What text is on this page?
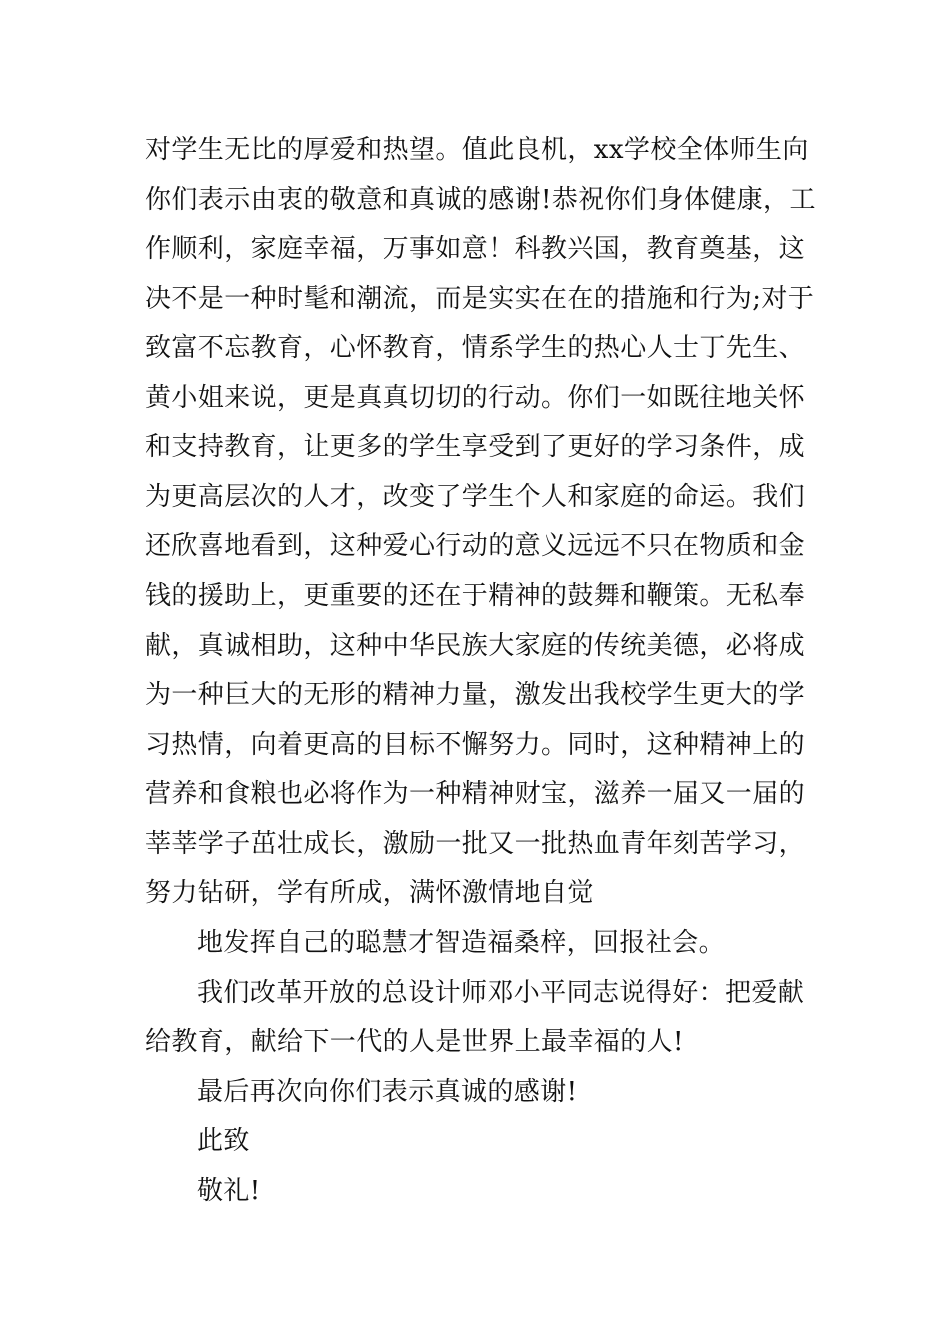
对学生无比的厚爱和热望。值此良机，xx学校全体师生向
你们表示由衷的敬意和真诚的感谢!恭祝你们身体健康，工
作顺利，家庭幸福，万事如意！科教兴国，教育奠基，这
决不是一种时髦和潮流，而是实实在在的措施和行为;对于
致富不忘教育，心怀教育，情系学生的热心人士丁先生、
黄小姐来说，更是真真切切的行动。你们一如既往地关怀
和支持教育，让更多的学生享受到了更好的学习条件，成
为更高层次的人才，改变了学生个人和家庭的命运。我们
还欣喜地看到，这种爱心行动的意义远远不只在物质和金
钱的援助上，更重要的还在于精神的鼓舞和鞭策。无私奉
献，真诚相助，这种中华民族大家庭的传统美德，必将成
为一种巨大的无形的精神力量，激发出我校学生更大的学
习热情，向着更高的目标不懈努力。同时，这种精神上的
营养和食粮也必将作为一种精神财宝，滋养一届又一届的
莘莘学子茁壮成长，激励一批又一批热血青年刻苦学习，
努力钻研，学有所成，满怀激情地自觉
地发挥自己的聪慧才智造福桑梓，回报社会。
我们改革开放的总设计师邓小平同志说得好：把爱献
给教育，献给下一代的人是世界上最幸福的人!
最后再次向你们表示真诚的感谢!
此致
敬礼!
